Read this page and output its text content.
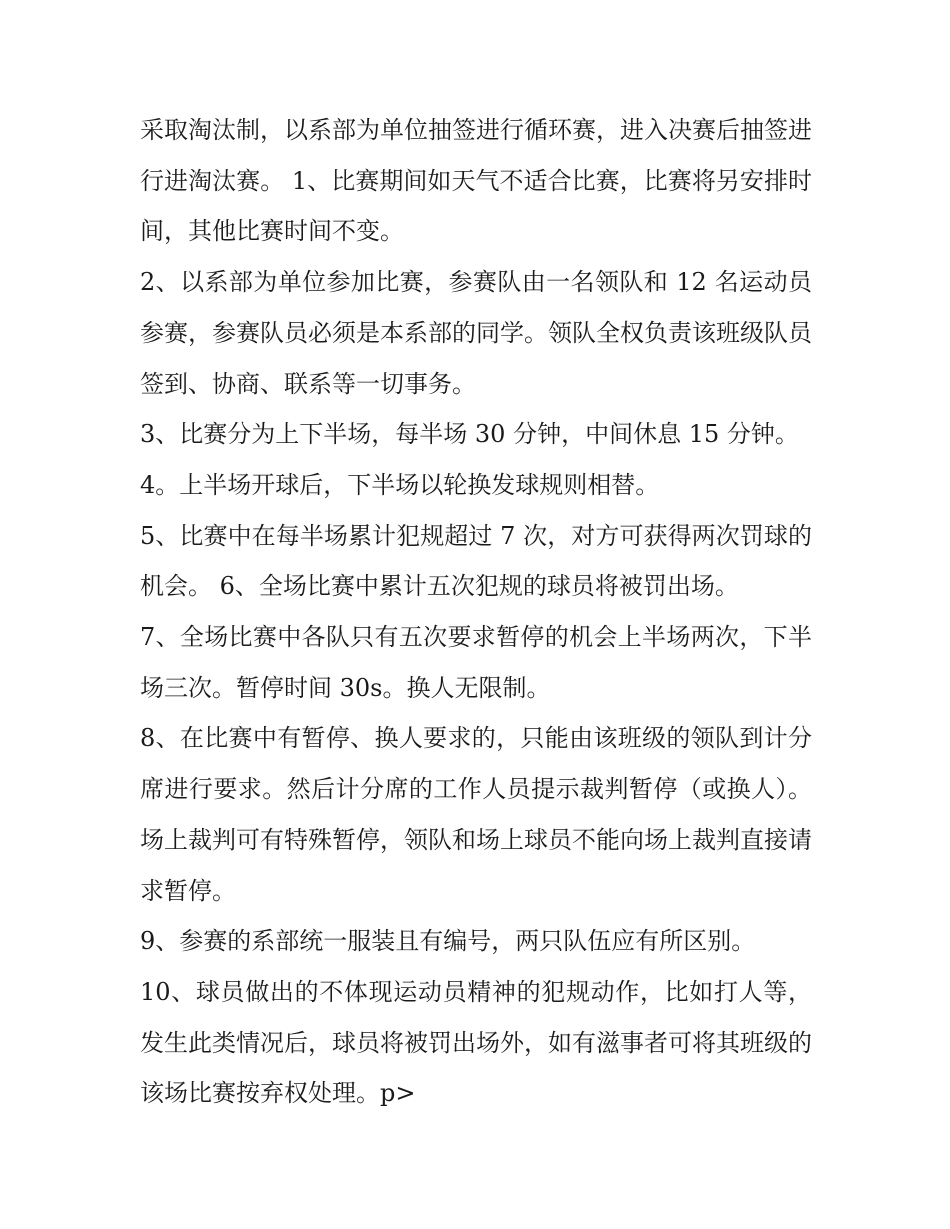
采取淘汰制，以系部为单位抽签进行循环赛，进入决赛后抽签进行进淘汰赛。 1、比赛期间如天气不适合比赛，比赛将另安排时间，其他比赛时间不变。

2、以系部为单位参加比赛，参赛队由一名领队和 12 名运动员参赛，参赛队员必须是本系部的同学。领队全权负责该班级队员签到、协商、联系等一切事务。

3、比赛分为上下半场，每半场 30 分钟，中间休息 15 分钟。

4。上半场开球后，下半场以轮换发球规则相替。

5、比赛中在每半场累计犯规超过 7 次，对方可获得两次罚球的机会。 6、全场比赛中累计五次犯规的球员将被罚出场。

7、全场比赛中各队只有五次要求暂停的机会上半场两次，下半场三次。暂停时间 30s。换人无限制。

8、在比赛中有暂停、换人要求的，只能由该班级的领队到计分席进行要求。然后计分席的工作人员提示裁判暂停（或换人）。场上裁判可有特殊暂停，领队和场上球员不能向场上裁判直接请求暂停。

9、参赛的系部统一服装且有编号，两只队伍应有所区别。

10、球员做出的不体现运动员精神的犯规动作，比如打人等，发生此类情况后，球员将被罚出场外，如有滋事者可将其班级的该场比赛按弃权处理。p>
